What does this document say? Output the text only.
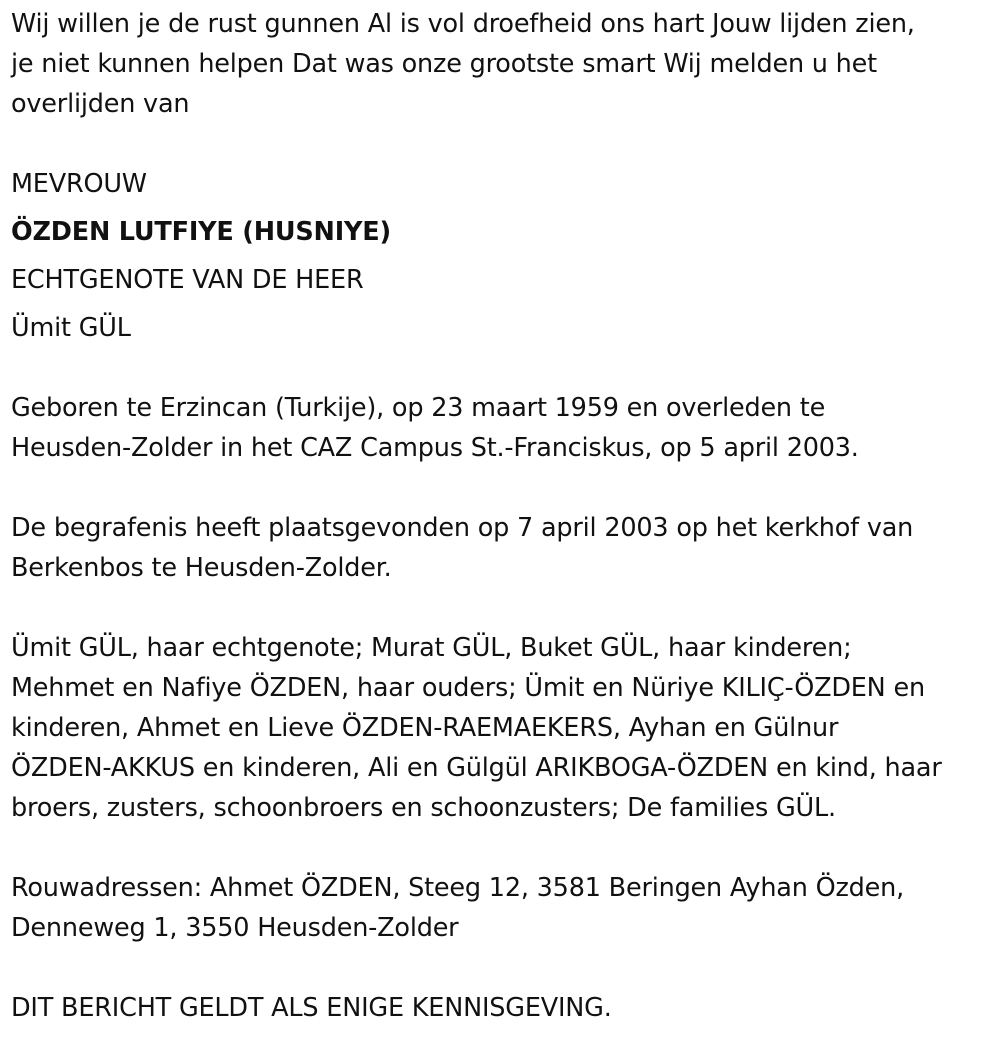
Wij willen je de rust gunnen Al is vol droefheid ons hart Jouw lijden zien,
je niet kunnen helpen Dat was onze grootste smart Wij melden u het
overlijden van

MEVROUW
ÖZDEN LUTFIYE (HUSNIYE)
ECHTGENOTE VAN DE HEER
Ümit GÜL

Geboren te Erzincan (Turkije), op 23 maart 1959 en overleden te
Heusden-Zolder in het CAZ Campus St.-Franciskus, op 5 april 2003.

De begrafenis heeft plaatsgevonden op 7 april 2003 op het kerkhof van
Berkenbos te Heusden-Zolder.

Ümit GÜL, haar echtgenote; Murat GÜL, Buket GÜL, haar kinderen;
Mehmet en Nafiye ÖZDEN, haar ouders; Ümit en Nüriye KILIÇ-ÖZDEN en
kinderen, Ahmet en Lieve ÖZDEN-RAEMAEKERS, Ayhan en Gülnur
ÖZDEN-AKKUS en kinderen, Ali en Gülgül ARIKBOGA-ÖZDEN en kind, haar
broers, zusters, schoonbroers en schoonzusters; De families GÜL.

Rouwadressen: Ahmet ÖZDEN, Steeg 12, 3581 Beringen Ayhan Özden,
Denneweg 1, 3550 Heusden-Zolder

DIT BERICHT GELDT ALS ENIGE KENNISGEVING.
